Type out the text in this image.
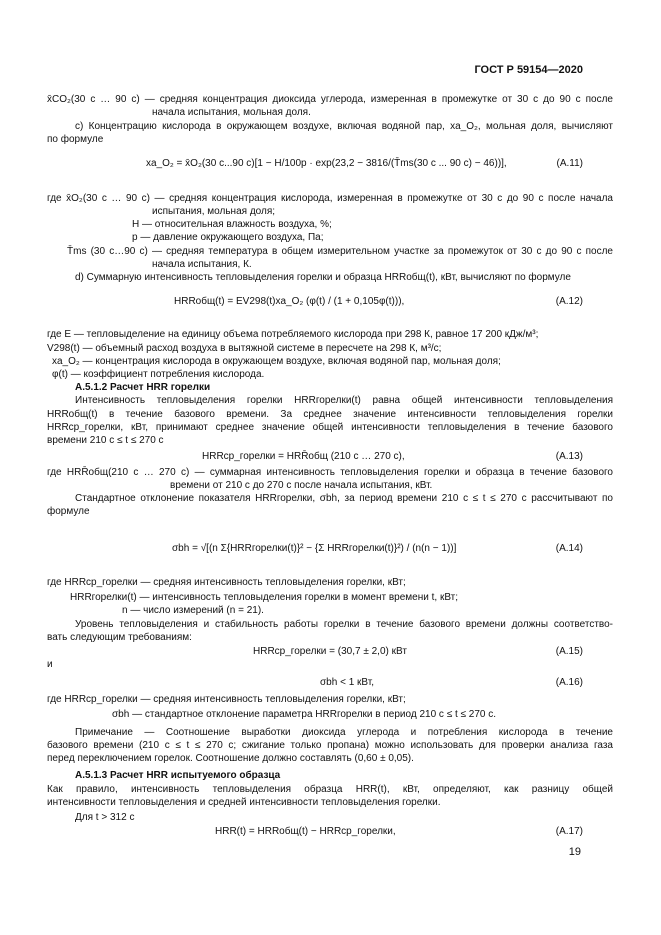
ГОСТ Р 59154—2020
x̄CO₂(30 с … 90 с) — средняя концентрация диоксида углерода, измеренная в промежутке от 30 с до 90 с после
начала испытания, мольная доля.
c) Концентрацию кислорода в окружающем воздухе, включая водяной пар, xa_O₂, мольная доля, вычисляют
по формуле
xa_O₂ = x̄O₂(30 с...90 с)[1 − H/100p · exp(23,2 − 3816/(T̄ms(30 с ... 90 с) − 46))],	(A.11)
где x̄O₂(30 с … 90 с) — средняя концентрация кислорода, измеренная в промежутке от 30 с до 90 с после начала
испытания, мольная доля;
H — относительная влажность воздуха, %;
p — давление окружающего воздуха, Па;
T̄ms (30 с…90 с) — средняя температура в общем измерительном участке за промежуток от 30 с до 90 с после
начала испытания, К.
d) Суммарную интенсивность тепловыделения горелки и образца HRRобщ(t), кВт, вычисляют по формуле
HRRобщ(t) = EV298(t)xa_O₂ (φ(t) / (1 + 0,105φ(t))),	(A.12)
где E — тепловыделение на единицу объема потребляемого кислорода при 298 К, равное 17 200 кДж/м³;
V298(t) — объемный расход воздуха в вытяжной системе в пересчете на 298 К, м³/с;
xa_O₂ — концентрация кислорода в окружающем воздухе, включая водяной пар, мольная доля;
φ(t) — коэффициент потребления кислорода.
A.5.1.2 Расчет HRR горелки
Интенсивность тепловыделения горелки HRRгорелки(t) равна общей интенсивности тепловыделения
HRRобщ(t) в течение базового времени. За среднее значение интенсивности тепловыделения горелки
HRRср_горелки, кВт, принимают среднее значение общей интенсивности тепловыделения в течение базового
времени 210 с ≤ t ≤ 270 с
HRRср_горелки = HRR̄общ (210 с … 270 с),	(A.13)
где HRR̄общ(210 с … 270 с) — суммарная интенсивность тепловыделения горелки и образца в течение базового
времени от 210 с до 270 с после начала испытания, кВт.
Стандартное отклонение показателя HRRгорелки, σbh, за период времени 210 с ≤ t ≤ 270 с рассчитывают по
формуле
σbh = √[(n Σ{HRRгорелки(t)}² − {Σ HRRгорелки(t)}²) / (n(n − 1))]	(A.14)
где HRRср_горелки — средняя интенсивность тепловыделения горелки, кВт;
HRRгорелки(t) — интенсивность тепловыделения горелки в момент времени t, кВт;
n — число измерений (n = 21).
Уровень тепловыделения и стабильность работы горелки в течение базового времени должны соответство-
вать следующим требованиям:
HRRср_горелки = (30,7 ± 2,0) кВт	(A.15)
и
σbh < 1 кВт,	(A.16)
где HRRср_горелки — средняя интенсивность тепловыделения горелки, кВт;
σbh — стандартное отклонение параметра HRRгорелки в период 210 с ≤ t ≤ 270 с.
Примечание — Соотношение выработки диоксида углерода и потребления кислорода в течение
базового времени (210 с ≤ t ≤ 270 с; сжигание только пропана) можно использовать для проверки анализа газа
перед переключением горелок. Соотношение должно составлять (0,60 ± 0,05).
A.5.1.3 Расчет HRR испытуемого образца
Как правило, интенсивность тепловыделения образца HRR(t), кВт, определяют, как разницу общей
интенсивности тепловыделения и средней интенсивности тепловыделения горелки.
Для t > 312 с
HRR(t) = HRRобщ(t) − HRRср_горелки,	(A.17)
19
